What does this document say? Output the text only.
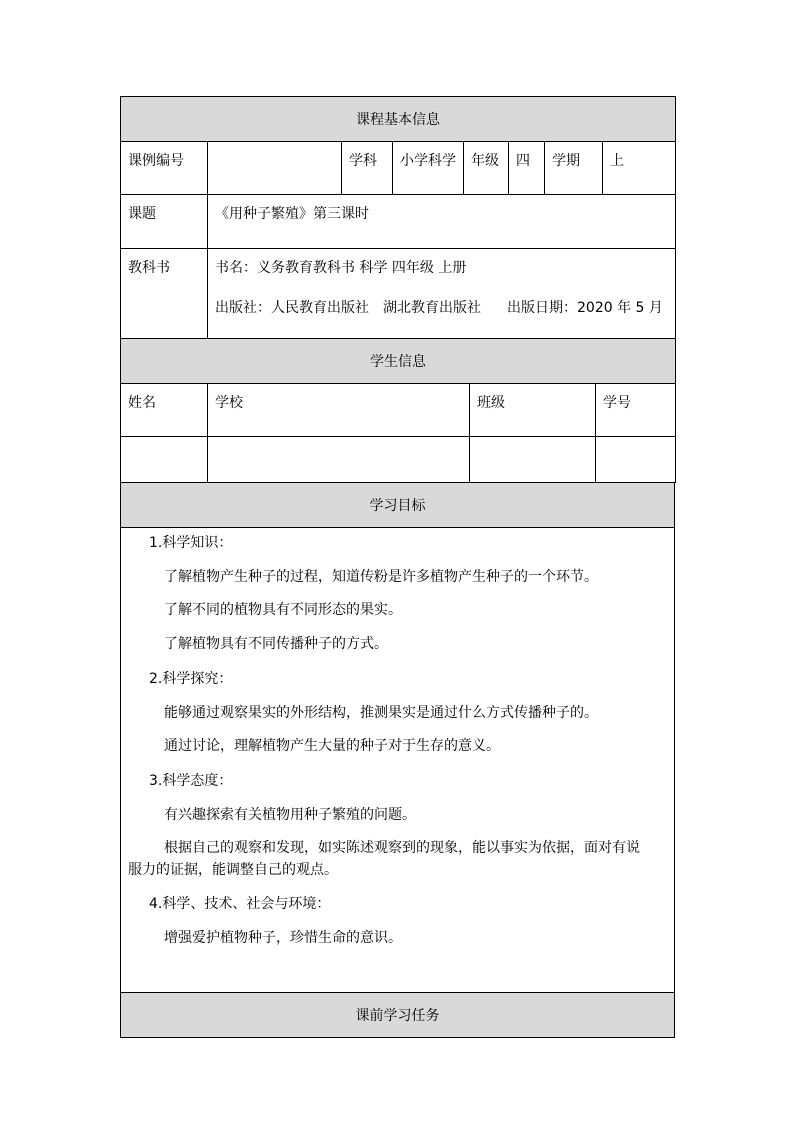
课程基本信息							
课例编号		学科	小学科学	年级	四	学期	上
课题	《用种子繁殖》第三课时						
教科书	书名：义务教育教科书 科学 四年级 上册
出版社：人民教育出版社 湖北教育出版社 出版日期：2020 年 5 月						

学生信息							
姓名	学校	班级	学号

学习目标

1.科学知识：
了解植物产生种子的过程，知道传粉是许多植物产生种子的一个环节。
了解不同的植物具有不同形态的果实。
了解植物具有不同传播种子的方式。
2.科学探究：
能够通过观察果实的外形结构，推测果实是通过什么方式传播种子的。
通过讨论，理解植物产生大量的种子对于生存的意义。
3.科学态度：
有兴趣探索有关植物用种子繁殖的问题。
根据自己的观察和发现，如实陈述观察到的现象，能以事实为依据，面对有说
服力的证据，能调整自己的观点。
4.科学、技术、社会与环境：
增强爱护植物种子，珍惜生命的意识。

课前学习任务
